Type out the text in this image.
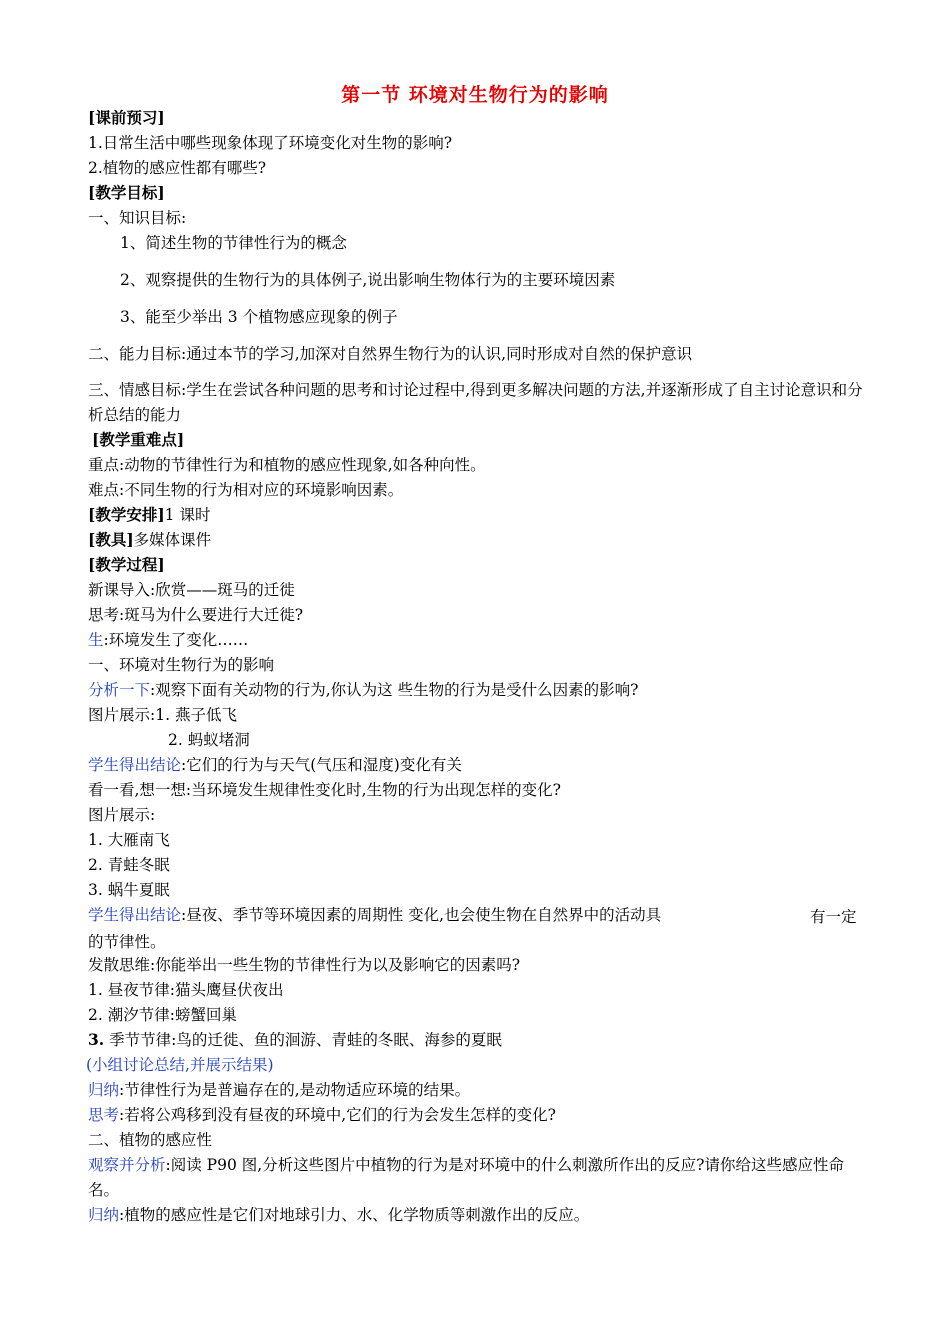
第一节 环境对生物行为的影响
[课前预习]
1.日常生活中哪些现象体现了环境变化对生物的影响?
2.植物的感应性都有哪些?
[教学目标]
一、知识目标:
1、简述生物的节律性行为的概念
2、观察提供的生物行为的具体例子,说出影响生物体行为的主要环境因素
3、能至少举出 3 个植物感应现象的例子
二、能力目标:通过本节的学习,加深对自然界生物行为的认识,同时形成对自然的保护意识
三、情感目标:学生在尝试各种问题的思考和讨论过程中,得到更多解决问题的方法,并逐渐形成了自主讨论意识和分析总结的能力
[教学重难点]
重点:动物的节律性行为和植物的感应性现象,如各种向性。
难点:不同生物的行为相对应的环境影响因素。
[教学安排]1 课时
[教具]多媒体课件
[教学过程]
新课导入:欣赏——斑马的迁徙
思考:斑马为什么要进行大迁徙?
生:环境发生了变化……
一、环境对生物行为的影响
分析一下:观察下面有关动物的行为,你认为这 些生物的行为是受什么因素的影响?
图片展示:1. 燕子低飞
2. 蚂蚁堵洞
学生得出结论:它们的行为与天气(气压和湿度)变化有关
看一看,想一想:当环境发生规律性变化时,生物的行为出现怎样的变化?
图片展示:
1. 大雁南飞
2. 青蛙冬眠
3. 蜗牛夏眠
学生得出结论:昼夜、季节等环境因素的周期性 变化,也会使生物在自然界中的活动具	有一定的节律性。
发散思维:你能举出一些生物的节律性行为以及影响它的因素吗?
1. 昼夜节律:猫头鹰昼伏夜出
2. 潮汐节律:螃蟹回巢
3. 季节节律:鸟的迁徙、鱼的洄游、青蛙的冬眠、海参的夏眠
(小组讨论总结,并展示结果)
归纳:节律性行为是普遍存在的,是动物适应环境的结果。
思考:若将公鸡移到没有昼夜的环境中,它们的行为会发生怎样的变化?
二、植物的感应性
观察并分析:阅读 P90 图,分析这些图片中植物的行为是对环境中的什么刺激所作出的反应?请你给这些感应性命名。
归纳:植物的感应性是它们对地球引力、水、化学物质等刺激作出的反应。
